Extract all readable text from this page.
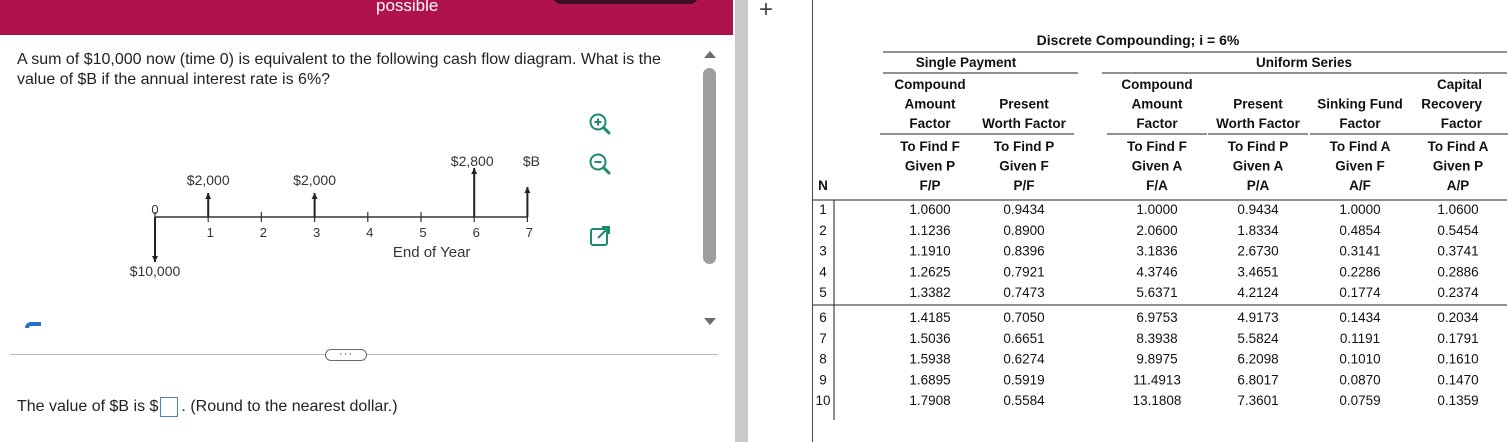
possible

A sum of $10,000 now (time 0) is equivalent to the following cash flow diagram. What is the value of $B if the annual interest rate is 6%?

0
1	2	3	4	5	6	7
End of Year
$2,000	$2,000
$2,800 $B
$10,000
···
The value of $B is $ . (Round to the nearest dollar.)
+
Discrete Compounding; i = 6%
Single Payment	Uniform Series
Compound
Amount
Factor
To Find F
Given P
F/P
Present
Worth Factor
To Find P
Given F
P/F
Compound
Amount
Factor
To Find F
Given A
F/A
Present
Worth Factor
To Find P
Given A
P/A
Sinking Fund
Factor
To Find A
Given F
A/F
Capital
Recovery
Factor
To Find A
Given P
A/P
N
1	1.0600	0.9434	1.0000	0.9434	1.0000	1.0600
2	1.1236	0.8900	2.0600	1.8334	0.4854	0.5454
3	1.1910	0.8396	3.1836	2.6730	0.3141	0.3741
4	1.2625	0.7921	4.3746	3.4651	0.2286	0.2886
5	1.3382	0.7473	5.6371	4.2124	0.1774	0.2374
6	1.4185	0.7050	6.9753	4.9173	0.1434	0.2034
7	1.5036	0.6651	8.3938	5.5824	0.1191	0.1791
8	1.5938	0.6274	9.8975	6.2098	0.1010	0.1610
9	1.6895	0.5919	11.4913	6.8017	0.0870	0.1470
10	1.7908	0.5584	13.1808	7.3601	0.0759	0.1359
